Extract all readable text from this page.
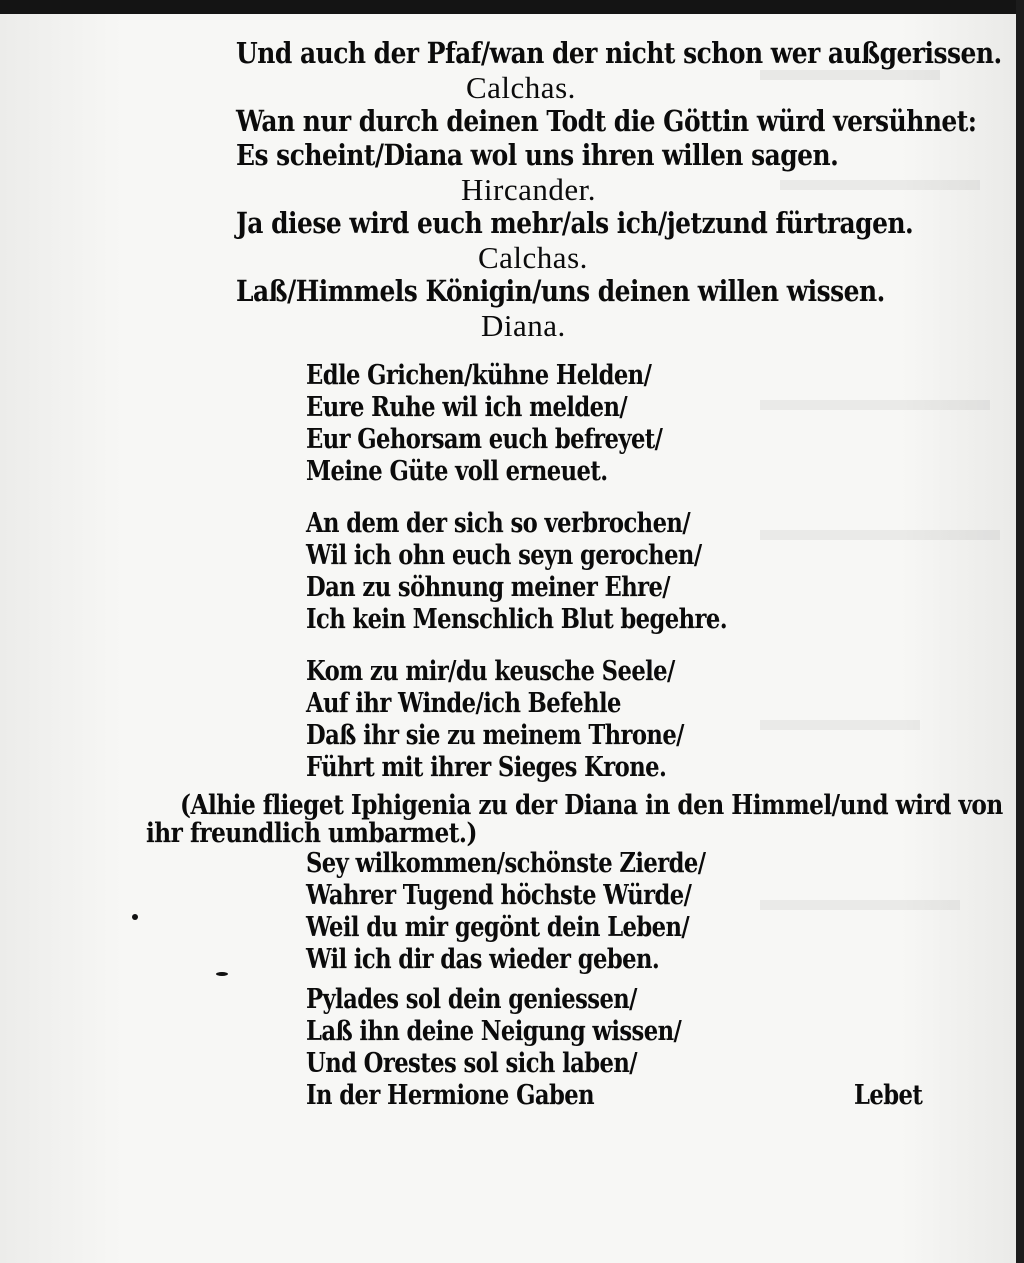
Und auch der Pfaf/wan der nicht schon wer außgerissen.
Calchas.
Wan nur durch deinen Todt die Göttin würd versühnet:
Es scheint/Diana wol uns ihren willen sagen.
Hircander.
Ja diese wird euch mehr/als ich/jetzund fürtragen.
Calchas.
Laß/Himmels Königin/uns deinen willen wissen.
Diana.
Edle Grichen/kühne Helden/
Eure Ruhe wil ich melden/
Eur Gehorsam euch befreyet/
Meine Güte voll erneuet.
An dem der sich so verbrochen/
Wil ich ohn euch seyn gerochen/
Dan zu söhnung meiner Ehre/
Ich kein Menschlich Blut begehre.
Kom zu mir/du keusche Seele/
Auf ihr Winde/ich Befehle
Daß ihr sie zu meinem Throne/
Führt mit ihrer Sieges Krone.
(Alhie flieget Iphigenia zu der Diana in den Himmel/und wird von
ihr freundlich umbarmet.)
Sey wilkommen/schönste Zierde/
Wahrer Tugend höchste Würde/
Weil du mir gegönt dein Leben/
Wil ich dir das wieder geben.
Pylades sol dein geniessen/
Laß ihn deine Neigung wissen/
Und Orestes sol sich laben/
In der Hermione Gaben	Lebet
